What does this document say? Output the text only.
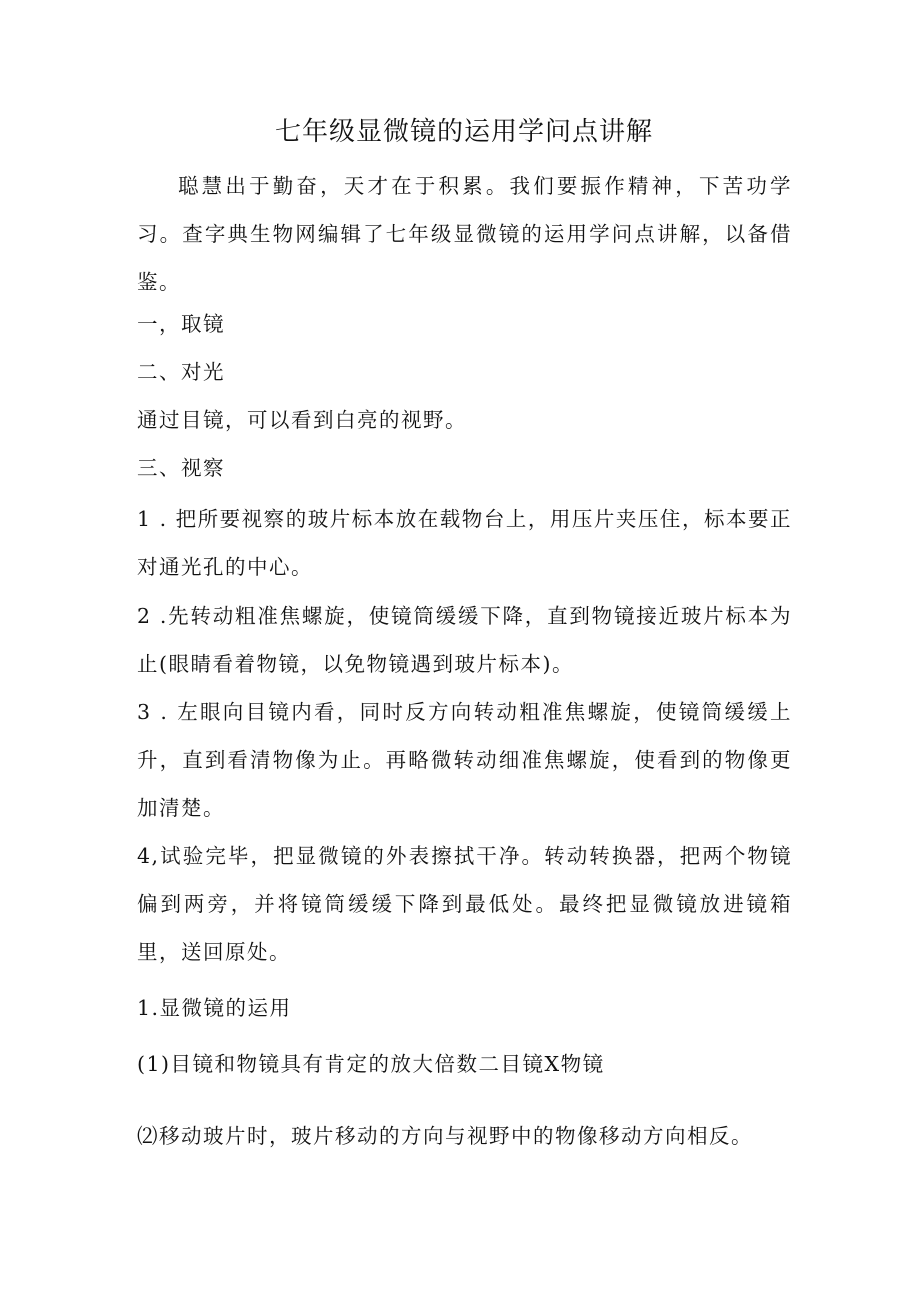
七年级显微镜的运用学问点讲解

聪慧出于勤奋，天才在于积累。我们要振作精神，下苦功学习。查字典生物网编辑了七年级显微镜的运用学问点讲解，以备借鉴。

一，取镜

二、对光

通过目镜，可以看到白亮的视野。

三、视察

1 . 把所要视察的玻片标本放在载物台上，用压片夹压住，标本要正对通光孔的中心。

2 .先转动粗准焦螺旋，使镜筒缓缓下降，直到物镜接近玻片标本为止(眼睛看着物镜，以免物镜遇到玻片标本)。

3 . 左眼向目镜内看，同时反方向转动粗准焦螺旋，使镜筒缓缓上升，直到看清物像为止。再略微转动细准焦螺旋，使看到的物像更加清楚。

4,试验完毕，把显微镜的外表擦拭干净。转动转换器，把两个物镜偏到两旁，并将镜筒缓缓下降到最低处。最终把显微镜放进镜箱里，送回原处。

1.显微镜的运用

(1)目镜和物镜具有肯定的放大倍数二目镜X物镜

⑵移动玻片时，玻片移动的方向与视野中的物像移动方向相反。
